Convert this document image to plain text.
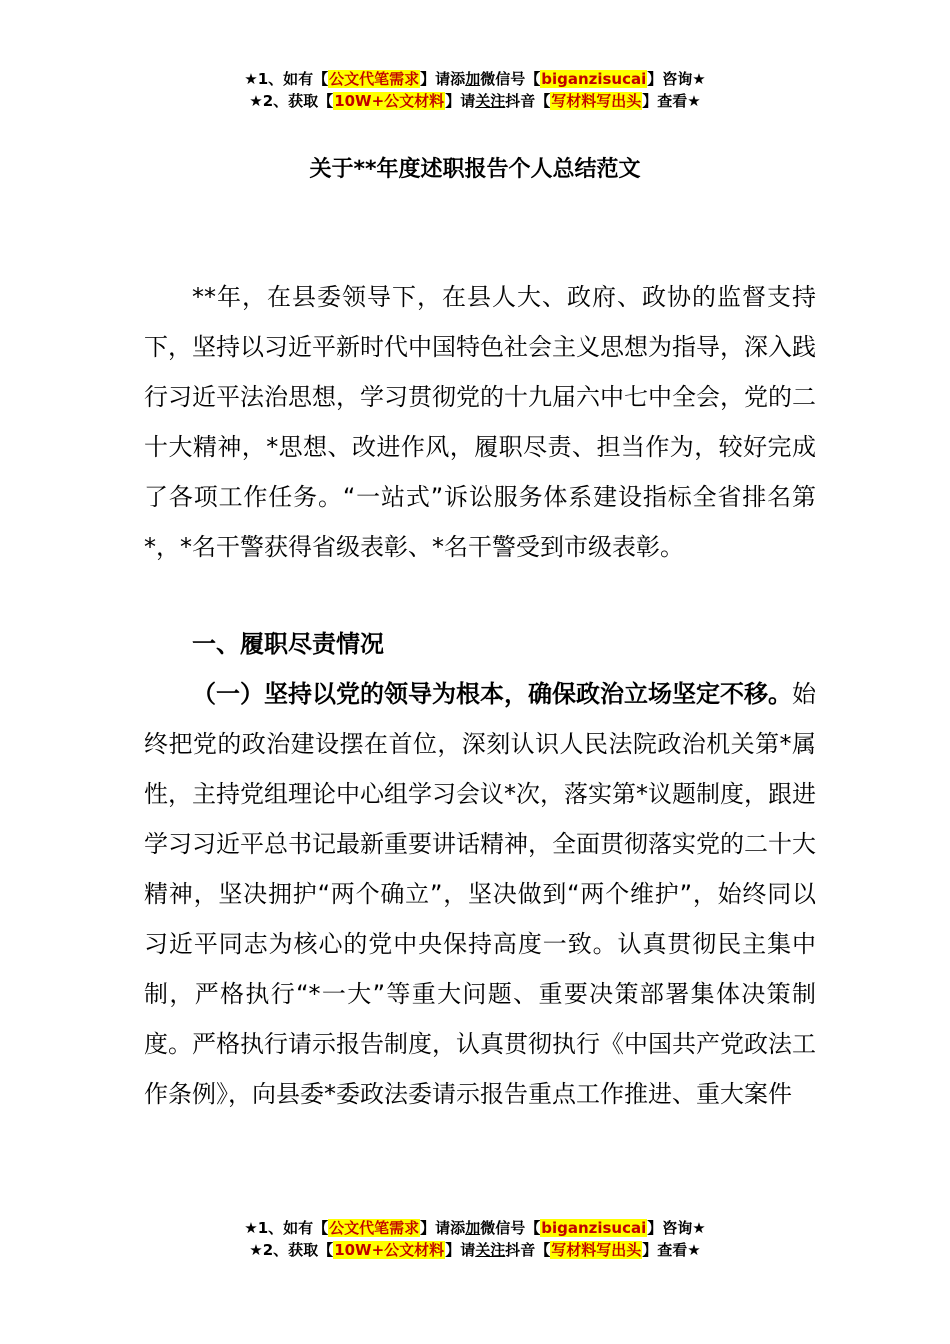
★1、如有【公文代笔需求】请添加微信号【biganzisucai】咨询★
★2、获取【10W+公文材料】请关注抖音【写材料写出头】查看★
关于**年度述职报告个人总结范文

**年，在县委领导下，在县人大、政府、政协的监督支持下，坚持以习近平新时代中国特色社会主义思想为指导，深入践行习近平法治思想，学习贯彻党的十九届六中七中全会，党的二十大精神，*思想、改进作风，履职尽责、担当作为，较好完成了各项工作任务。“一站式”诉讼服务体系建设指标全省排名第*，*名干警获得省级表彰、*名干警受到市级表彰。

一、履职尽责情况

（一）坚持以党的领导为根本，确保政治立场坚定不移。始终把党的政治建设摆在首位，深刻认识人民法院政治机关第*属性，主持党组理论中心组学习会议*次，落实第*议题制度，跟进学习习近平总书记最新重要讲话精神，全面贯彻落实党的二十大精神，坚决拥护“两个确立”，坚决做到“两个维护”，始终同以习近平同志为核心的党中央保持高度一致。认真贯彻民主集中制，严格执行“*一大”等重大问题、重要决策部署集体决策制度。严格执行请示报告制度，认真贯彻执行《中国共产党政法工作条例》，向县委*委政法委请示报告重点工作推进、重大案件

★1、如有【公文代笔需求】请添加微信号【biganzisucai】咨询★
★2、获取【10W+公文材料】请关注抖音【写材料写出头】查看★
